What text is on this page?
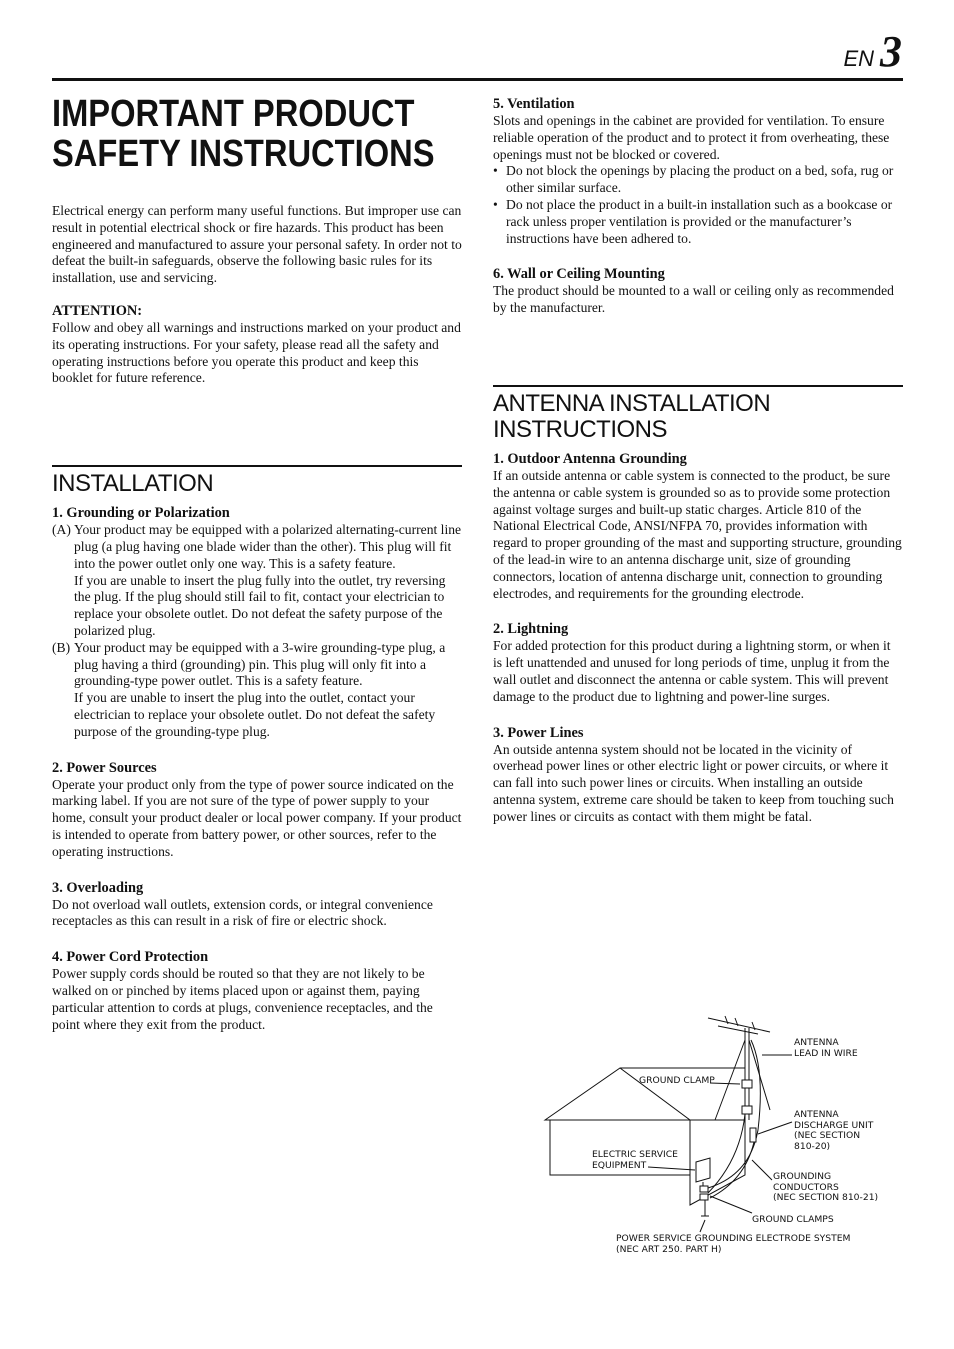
EN 3
IMPORTANT PRODUCT
SAFETY INSTRUCTIONS

Electrical energy can perform many useful functions. But improper use can result in potential electrical shock or fire hazards. This product has been engineered and manufactured to assure your personal safety. In order not to defeat the built-in safeguards, observe the following basic rules for its installation, use and servicing.

ATTENTION:

Follow and obey all warnings and instructions marked on your product and its operating instructions. For your safety, please read all the safety and operating instructions before you operate this product and keep this booklet for future reference.

INSTALLATION
1. Grounding or Polarization
(A) Your product may be equipped with a polarized alternating-current line plug (a plug having one blade wider than the other). This plug will fit into the power outlet only one way. This is a safety feature.

If you are unable to insert the plug fully into the outlet, try reversing the plug. If the plug should still fail to fit, contact your electrician to replace your obsolete outlet. Do not defeat the safety purpose of the polarized plug.

(B) Your product may be equipped with a 3-wire grounding-type plug, a plug having a third (grounding) pin. This plug will only fit into a grounding-type power outlet. This is a safety feature.

If you are unable to insert the plug into the outlet, contact your electrician to replace your obsolete outlet. Do not defeat the safety purpose of the grounding-type plug.

2. Power Sources

Operate your product only from the type of power source indicated on the marking label. If you are not sure of the type of power supply to your home, consult your product dealer or local power company. If your product is intended to operate from battery power, or other sources, refer to the operating instructions.

3. Overloading

Do not overload wall outlets, extension cords, or integral convenience receptacles as this can result in a risk of fire or electric shock.

4. Power Cord Protection

Power supply cords should be routed so that they are not likely to be walked on or pinched by items placed upon or against them, paying particular attention to cords at plugs, convenience receptacles, and the point where they exit from the product.

5. Ventilation

Slots and openings in the cabinet are provided for ventilation. To ensure reliable operation of the product and to protect it from overheating, these openings must not be blocked or covered.

• Do not block the openings by placing the product on a bed, sofa, rug or other similar surface.

• Do not place the product in a built-in installation such as a bookcase or rack unless proper ventilation is provided or the manufacturer’s instructions have been adhered to.

6. Wall or Ceiling Mounting

The product should be mounted to a wall or ceiling only as recommended by the manufacturer.

ANTENNA INSTALLATION INSTRUCTIONS
1. Outdoor Antenna Grounding

If an outside antenna or cable system is connected to the product, be sure the antenna or cable system is grounded so as to provide some protection against voltage surges and built-up static charges. Article 810 of the National Electrical Code, ANSI/NFPA 70, provides information with regard to proper grounding of the mast and supporting structure, grounding of the lead-in wire to an antenna discharge unit, size of grounding connectors, location of antenna discharge unit, connection to grounding electrodes, and requirements for the grounding electrode.

2. Lightning

For added protection for this product during a lightning storm, or when it is left unattended and unused for long periods of time, unplug it from the wall outlet and disconnect the antenna or cable system. This will prevent damage to the product due to lightning and power-line surges.

3. Power Lines

An outside antenna system should not be located in the vicinity of overhead power lines or other electric light or power circuits, or where it can fall into such power lines or circuits. When installing an outside antenna system, extreme care should be taken to keep from touching such power lines or circuits as contact with them might be fatal.

ANTENNA
LEAD IN WIRE
GROUND CLAMP
ANTENNA
DISCHARGE UNIT
(NEC SECTION
810-20)
ELECTRIC SERVICE
EQUIPMENT
GROUNDING
CONDUCTORS
(NEC SECTION 810-21)
GROUND CLAMPS
POWER SERVICE GROUNDING ELECTRODE SYSTEM
(NEC ART 250. PART H)
